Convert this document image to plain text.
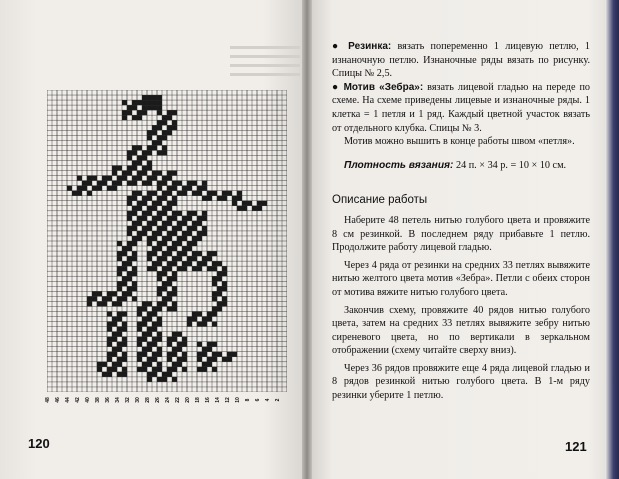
48 46 44 42 40 38 36 34 32 30 28 26 24 22 20 18 16 14 12 10 8 6 4 2
120	121

● Резинка: вязать попеременно 1 лицевую петлю, 1 изнаночную петлю. Изнаночные ряды вязать по рисунку. Спицы № 2,5.

● Мотив «Зебра»: вязать лицевой гладью на переде по схеме. На схеме приведены лицевые и изнаночные ряды. 1 клетка = 1 петля и 1 ряд. Каждый цветной участок вязать от отдельного клубка. Спицы № 3.

Мотив можно вышить в конце работы швом «петля».

Плотность вязания: 24 п. × 34 р. = 10 × 10 см.

Описание работы

Наберите 48 петель нитью голубого цвета и провяжите 8 см резинкой. В последнем ряду прибавьте 1 петлю. Продолжите работу лицевой гладью.

Через 4 ряда от резинки на средних 33 петлях вывяжите нитью желтого цвета мотив «Зебра». Петли с обеих сторон от мотива вяжите нитью голубого цвета.

Закончив схему, провяжите 40 рядов нитью голубого цвета, затем на средних 33 петлях вывяжите зебру нитью сиреневого цвета, но по вертикали в зеркальном отображении (схему читайте сверху вниз).

Через 36 рядов провяжите еще 4 ряда лицевой гладью и 8 рядов резинкой нитью голубого цвета. В 1-м ряду резинки уберите 1 петлю.
